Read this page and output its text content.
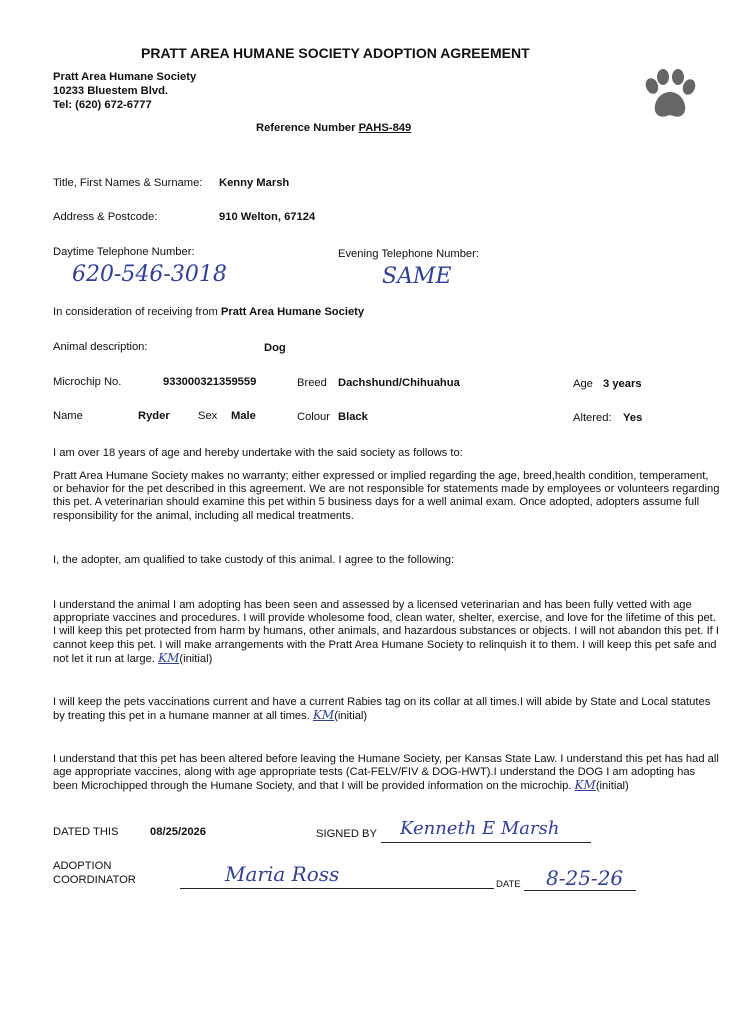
PRATT AREA HUMANE SOCIETY ADOPTION AGREEMENT
Pratt Area Humane Society
10233 Bluestem Blvd.
Tel: (620) 672-6777
Reference Number PAHS-849
Title, First Names & Surname: Kenny Marsh
Address & Postcode:	910 Welton, 67124
Daytime Telephone Number:
620-546-3018
Evening Telephone Number:
SAME
In consideration of receiving from Pratt Area Humane Society
Animal description:	Dog
Microchip No.	933000321359559	Breed Dachshund/Chihuahua	Age 3 years
Name	Ryder	Sex Male	Colour Black	Altered: Yes
I am over 18 years of age and hereby undertake with the said society as follows to:
Pratt Area Humane Society makes no warranty; either expressed or implied regarding the age, breed,health condition, temperament, or behavior for the pet described in this agreement. We are not responsible for statements made by employees or volunteers regarding this pet. A veterinarian should examine this pet within 5 business days for a well animal exam. Once adopted, adopters assume full responsibility for the animal, including all medical treatments.
I, the adopter, am qualified to take custody of this animal. I agree to the following:
I understand the animal I am adopting has been seen and assessed by a licensed veterinarian and has been fully vetted with age appropriate vaccines and procedures. I will provide wholesome food, clean water, shelter, exercise, and love for the lifetime of this pet. I will keep this pet protected from harm by humans, other animals, and hazardous substances or objects. I will not abandon this pet. If I cannot keep this pet. I will make arrangements with the Pratt Area Humane Society to relinquish it to them. I will keep this pet safe and not let it run at large. KM(initial)
I will keep the pets vaccinations current and have a current Rabies tag on its collar at all times.I will abide by State and Local statutes by treating this pet in a humane manner at all times. KM(initial)
I understand that this pet has been altered before leaving the Humane Society, per Kansas State Law. I understand this pet has had all age appropriate vaccines, along with age appropriate tests (Cat-FELV/FIV & DOG-HWT).I understand the DOG I am adopting has been Microchipped through the Humane Society, and that I will be provided information on the microchip. KM(initial)
DATED THIS	08/25/2026	SIGNED BY Kenneth E Marsh
ADOPTION
COORDINATOR	Maria Ross	DATE 8-25-26
